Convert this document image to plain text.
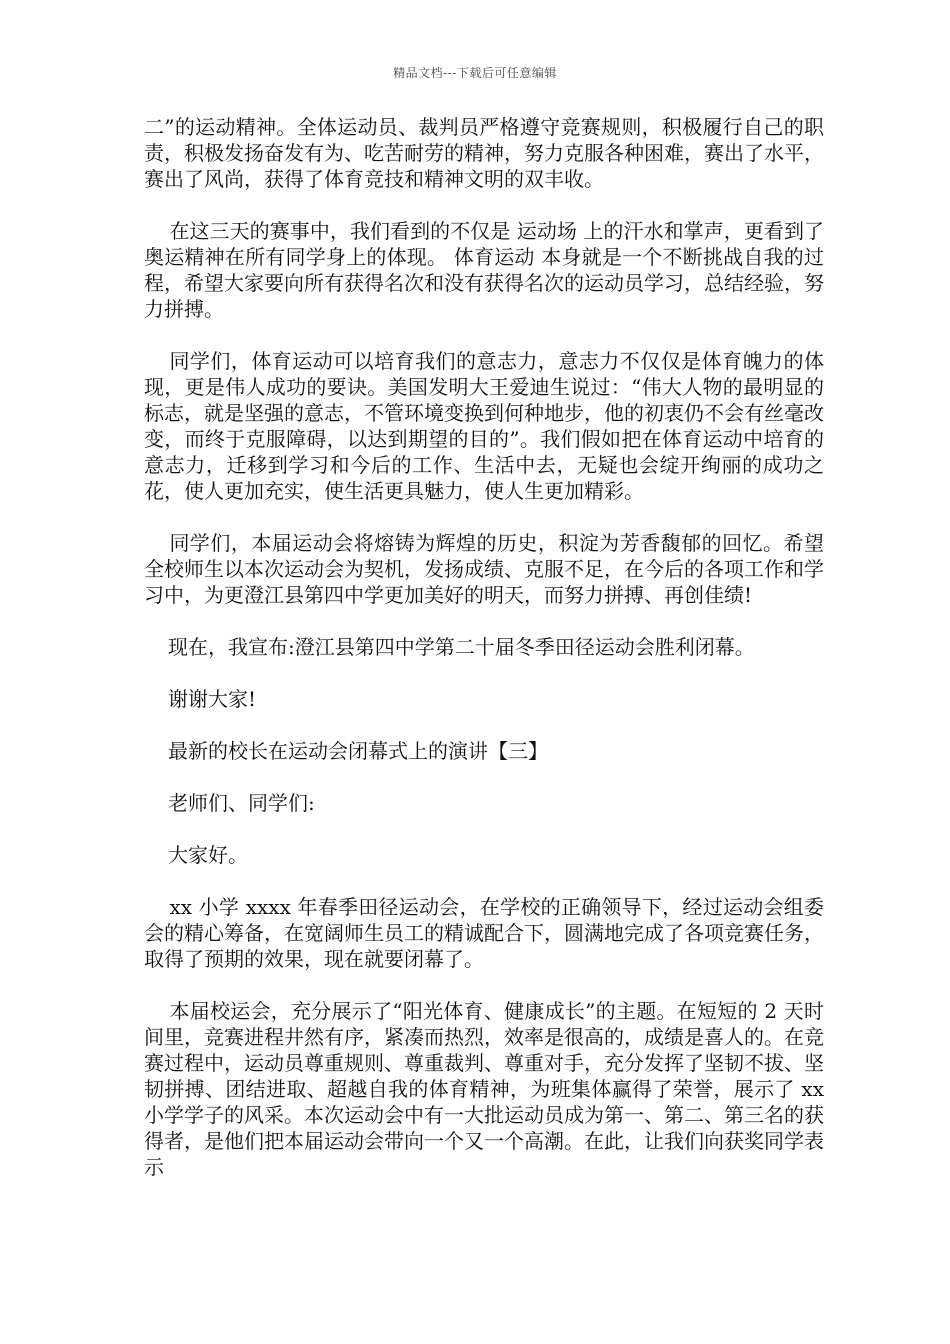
精品文档---下载后可任意编辑

二”的运动精神。全体运动员、裁判员严格遵守竞赛规则，积极履行自己的职责，积极发扬奋发有为、吃苦耐劳的精神，努力克服各种困难，赛出了水平，赛出了风尚，获得了体育竞技和精神文明的双丰收。

在这三天的赛事中，我们看到的不仅是 运动场 上的汗水和掌声，更看到了奥运精神在所有同学身上的体现。 体育运动 本身就是一个不断挑战自我的过程，希望大家要向所有获得名次和没有获得名次的运动员学习，总结经验，努力拼搏。

同学们，体育运动可以培育我们的意志力，意志力不仅仅是体育魄力的体现，更是伟人成功的要诀。美国发明大王爱迪生说过：“伟大人物的最明显的标志，就是坚强的意志，不管环境变换到何种地步，他的初衷仍不会有丝毫改变，而终于克服障碍，以达到期望的目的”。我们假如把在体育运动中培育的意志力，迁移到学习和今后的工作、生活中去，无疑也会绽开绚丽的成功之花，使人更加充实，使生活更具魅力，使人生更加精彩。

同学们，本届运动会将熔铸为辉煌的历史，积淀为芳香馥郁的回忆。希望全校师生以本次运动会为契机，发扬成绩、克服不足，在今后的各项工作和学习中，为更澄江县第四中学更加美好的明天，而努力拼搏、再创佳绩!

现在，我宣布:澄江县第四中学第二十届冬季田径运动会胜利闭幕。

谢谢大家!

最新的校长在运动会闭幕式上的演讲【三】

老师们、同学们:

大家好。

xx 小学 xxxx 年春季田径运动会，在学校的正确领导下，经过运动会组委会的精心筹备，在宽阔师生员工的精诚配合下，圆满地完成了各项竞赛任务，取得了预期的效果，现在就要闭幕了。

本届校运会，充分展示了“阳光体育、健康成长”的主题。在短短的 2 天时间里，竞赛进程井然有序，紧凑而热烈，效率是很高的，成绩是喜人的。在竞赛过程中，运动员尊重规则、尊重裁判、尊重对手，充分发挥了坚韧不拔、坚韧拼搏、团结进取、超越自我的体育精神，为班集体赢得了荣誉，展示了 xx 小学学子的风采。本次运动会中有一大批运动员成为第一、第二、第三名的获得者，是他们把本届运动会带向一个又一个高潮。在此，让我们向获奖同学表示
